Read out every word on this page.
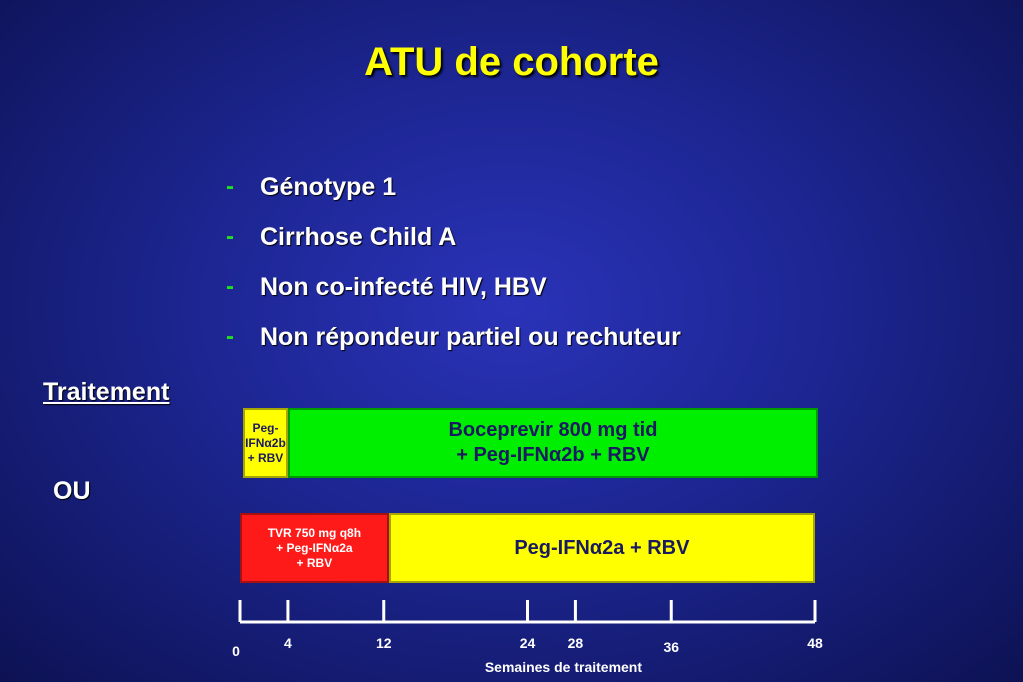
ATU de cohorte
-	Génotype 1
-	Cirrhose Child A
-	Non co-infecté HIV, HBV
-	Non répondeur partiel ou rechuteur
Traitement
OU
Peg-
IFNα2b
+ RBV
Boceprevir 800 mg tid
+ Peg-IFNα2b + RBV
TVR 750 mg q8h
+ Peg-IFNα2a
+ RBV
Peg-IFNα2a + RBV
0	4	12	24 28	36	48
Semaines de traitement
